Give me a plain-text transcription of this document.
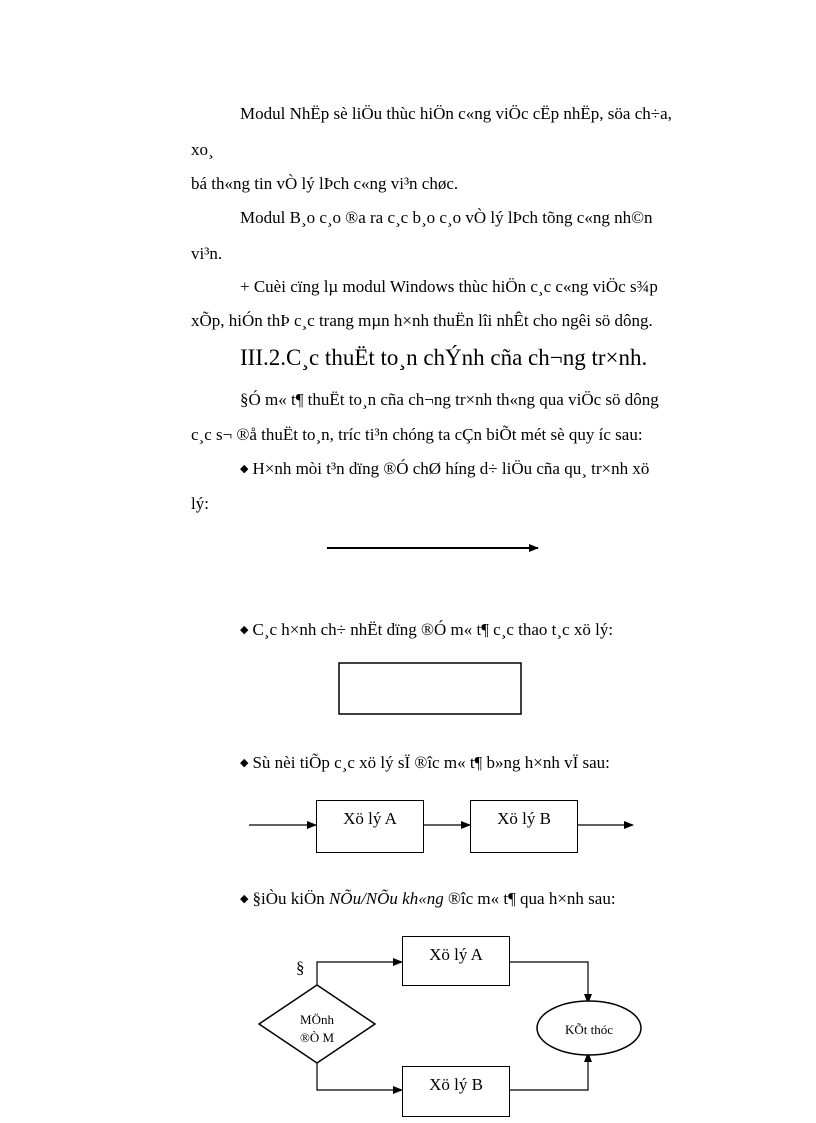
Modul NhËp sè liÖu thùc hiÖn c«ng viÖc cËp nhËp, söa ch÷a,
xo¸
bá th«ng tin vÒ lý lÞch c«ng vi³n chøc.
Modul B¸o c¸o ®a ra c¸c b¸o c¸o vÒ lý lÞch tõng c«ng nh©n
vi³n.
+ Cuèi cïng lµ modul Windows thùc hiÖn c¸c c«ng viÖc s¾p
xÕp, hiÓn thÞ c¸c trang mµn h×nh thuËn lîi nhÊt cho ngêi sö dông.
III.2.C¸c thuËt to¸n chÝnh cña ch¬ng tr×nh.
§Ó m« t¶ thuËt to¸n cña ch¬ng tr×nh th«ng qua viÖc sö dông
c¸c s¬ ®å thuËt to¸n, tríc ti³n chóng ta cÇn biÕt mét sè quy íc sau:
◆ H×nh mòi t³n dïng ®Ó chØ híng d÷ liÖu cña qu¸ tr×nh xö
lý:
◆ C¸c h×nh ch÷ nhËt dïng ®Ó m« t¶ c¸c thao t¸c xö lý:
◆ Sù nèi tiÕp c¸c xö lý sÏ ®îc m« t¶ b»ng h×nh vÏ sau:
◆ §iÒu kiÖn NÕu/NÕu kh«ng ®îc m« t¶ qua h×nh sau:
Xö lý A	Xö lý B
§
MÖnh
®Ò M
Xö lý A
Xö lý B
KÕt thóc
